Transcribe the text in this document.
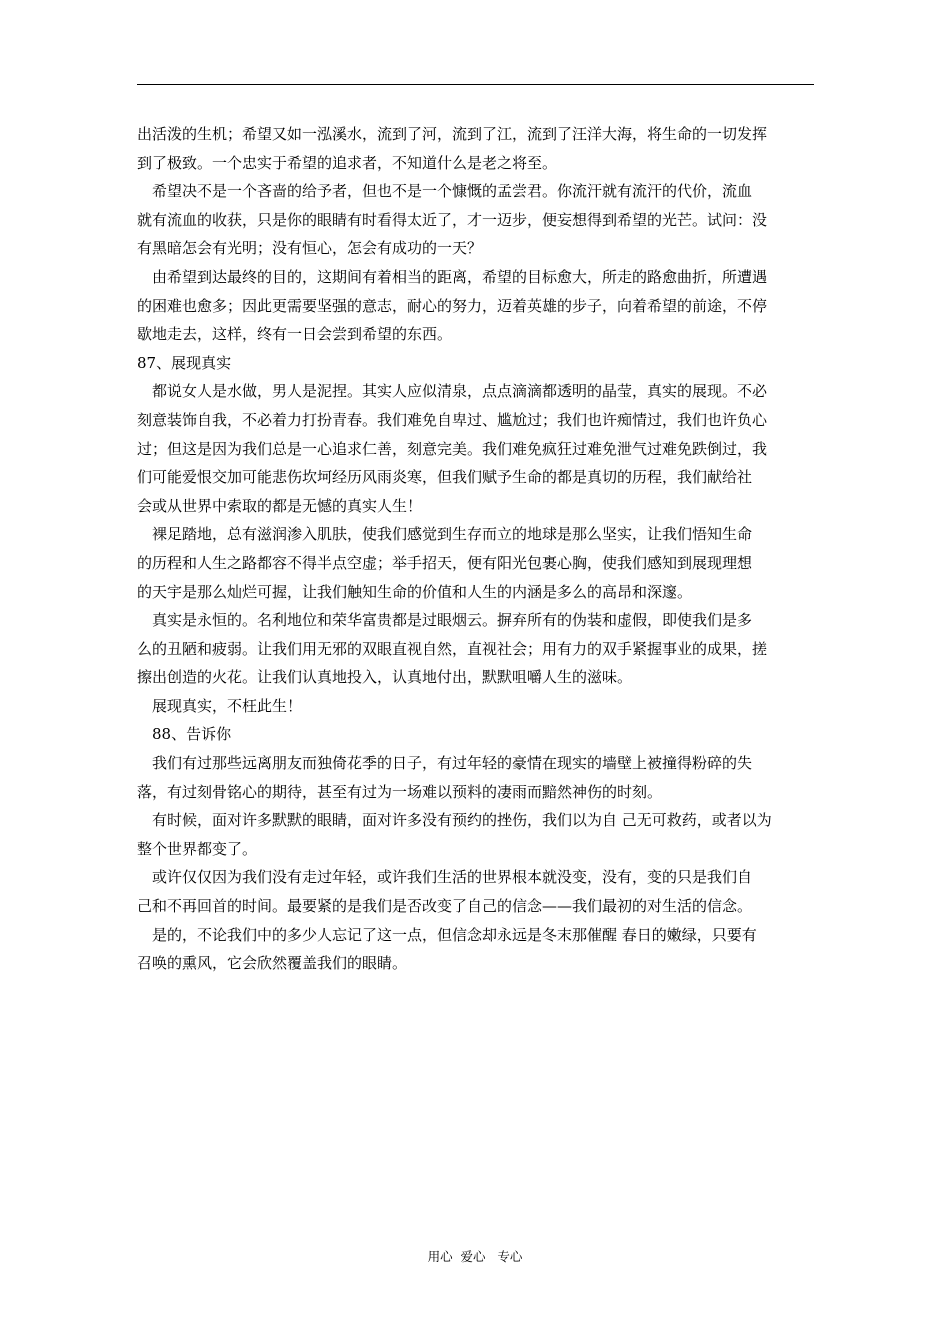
出活泼的生机；希望又如一泓溪水，流到了河，流到了江，流到了汪洋大海，将生命的一切发挥
到了极致。一个忠实于希望的追求者，不知道什么是老之将至。
希望决不是一个吝啬的给予者，但也不是一个慷慨的孟尝君。你流汗就有流汗的代价，流血
就有流血的收获，只是你的眼睛有时看得太近了，才一迈步，便妄想得到希望的光芒。试问：没
有黑暗怎会有光明；没有恒心，怎会有成功的一天？
由希望到达最终的目的，这期间有着相当的距离，希望的目标愈大，所走的路愈曲折，所遭遇
的困难也愈多；因此更需要坚强的意志，耐心的努力，迈着英雄的步子，向着希望的前途，不停
歇地走去，这样，终有一日会尝到希望的东西。
87、展现真实
都说女人是水做，男人是泥捏。其实人应似清泉，点点滴滴都透明的晶莹，真实的展现。不必
刻意装饰自我，不必着力打扮青春。我们难免自卑过、尴尬过；我们也许痴情过，我们也许负心
过；但这是因为我们总是一心追求仁善，刻意完美。我们难免疯狂过难免泄气过难免跌倒过，我
们可能爱恨交加可能悲伤坎坷经历风雨炎寒，但我们赋予生命的都是真切的历程，我们献给社
会或从世界中索取的都是无憾的真实人生！
裸足踏地，总有滋润渗入肌肤，使我们感觉到生存而立的地球是那么坚实，让我们悟知生命
的历程和人生之路都容不得半点空虚；举手招天，便有阳光包裹心胸，使我们感知到展现理想
的天宇是那么灿烂可握，让我们触知生命的价值和人生的内涵是多么的高昂和深邃。
真实是永恒的。名利地位和荣华富贵都是过眼烟云。摒弃所有的伪装和虚假，即使我们是多
么的丑陋和疲弱。让我们用无邪的双眼直视自然，直视社会；用有力的双手紧握事业的成果，搓
擦出创造的火花。让我们认真地投入，认真地付出，默默咀嚼人生的滋味。
展现真实，不枉此生！
88、告诉你
我们有过那些远离朋友而独倚花季的日子，有过年轻的豪情在现实的墙壁上被撞得粉碎的失
落，有过刻骨铭心的期待，甚至有过为一场难以预料的凄雨而黯然神伤的时刻。
有时候，面对许多默默的眼睛，面对许多没有预约的挫伤，我们以为自 己无可救药，或者以为
整个世界都变了。
或许仅仅因为我们没有走过年轻，或许我们生活的世界根本就没变，没有，变的只是我们自
己和不再回首的时间。最要紧的是我们是否改变了自己的信念——我们最初的对生活的信念。
是的，不论我们中的多少人忘记了这一点，但信念却永远是冬末那催醒 春日的嫩绿，只要有
召唤的熏风，它会欣然覆盖我们的眼睛。
用心  爱心   专心
